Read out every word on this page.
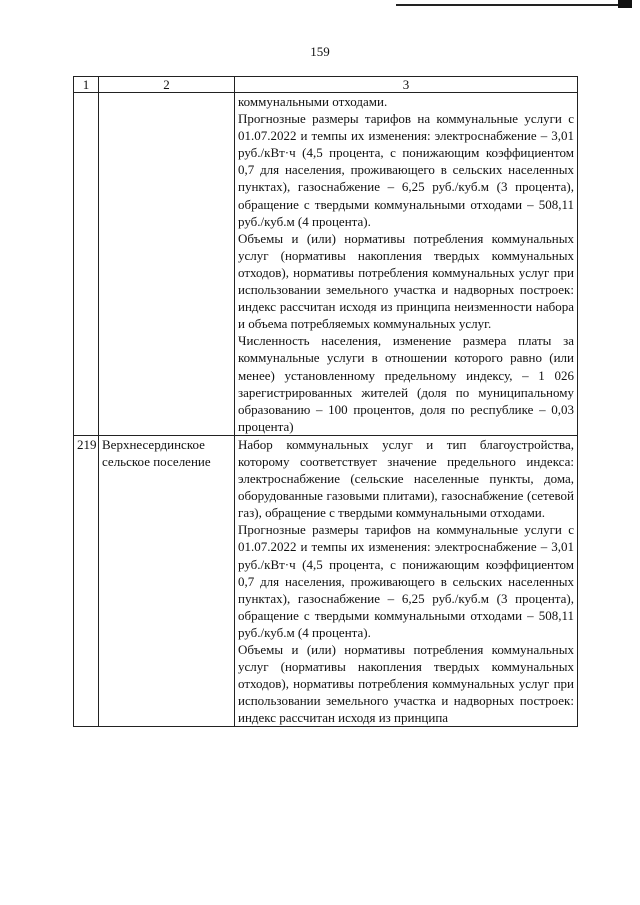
159
1	2	3

		коммунальными отходами.

Прогнозные размеры тарифов на коммунальные услуги с 01.07.2022 и темпы их изменения: электроснабжение – 3,01 руб./кВт·ч (4,5 процента, с понижающим коэффициентом 0,7 для населения, проживающего в сельских населенных пунктах), газоснабжение – 6,25 руб./куб.м (3 процента), обращение с твердыми коммунальными отходами – 508,11 руб./куб.м (4 процента).

Объемы и (или) нормативы потребления коммунальных услуг (нормативы накопления твердых коммунальных отходов), нормативы потребления коммунальных услуг при использовании земельного участка и надворных построек: индекс рассчитан исходя из принципа неизменности набора и объема потребляемых коммунальных услуг.

Численность населения, изменение размера платы за коммунальные услуги в отношении которого равно (или менее) установленному предельному индексу, – 1 026 зарегистрированных жителей (доля по муниципальному образованию – 100 процентов, доля по республике – 0,03 процента)

219	Верхнесердинское сельское поселение	Набор коммунальных услуг и тип благоустройства, которому соответствует значение предельного индекса: электроснабжение (сельские населенные пункты, дома, оборудованные газовыми плитами), газоснабжение (сетевой газ), обращение с твердыми коммунальными отходами.

Прогнозные размеры тарифов на коммунальные услуги с 01.07.2022 и темпы их изменения: электроснабжение – 3,01 руб./кВт·ч (4,5 процента, с понижающим коэффициентом 0,7 для населения, проживающего в сельских населенных пунктах), газоснабжение – 6,25 руб./куб.м (3 процента), обращение с твердыми коммунальными отходами – 508,11 руб./куб.м (4 процента).

Объемы и (или) нормативы потребления коммунальных услуг (нормативы накопления твердых коммунальных отходов), нормативы потребления коммунальных услуг при использовании земельного участка и надворных построек: индекс рассчитан исходя из принципа
